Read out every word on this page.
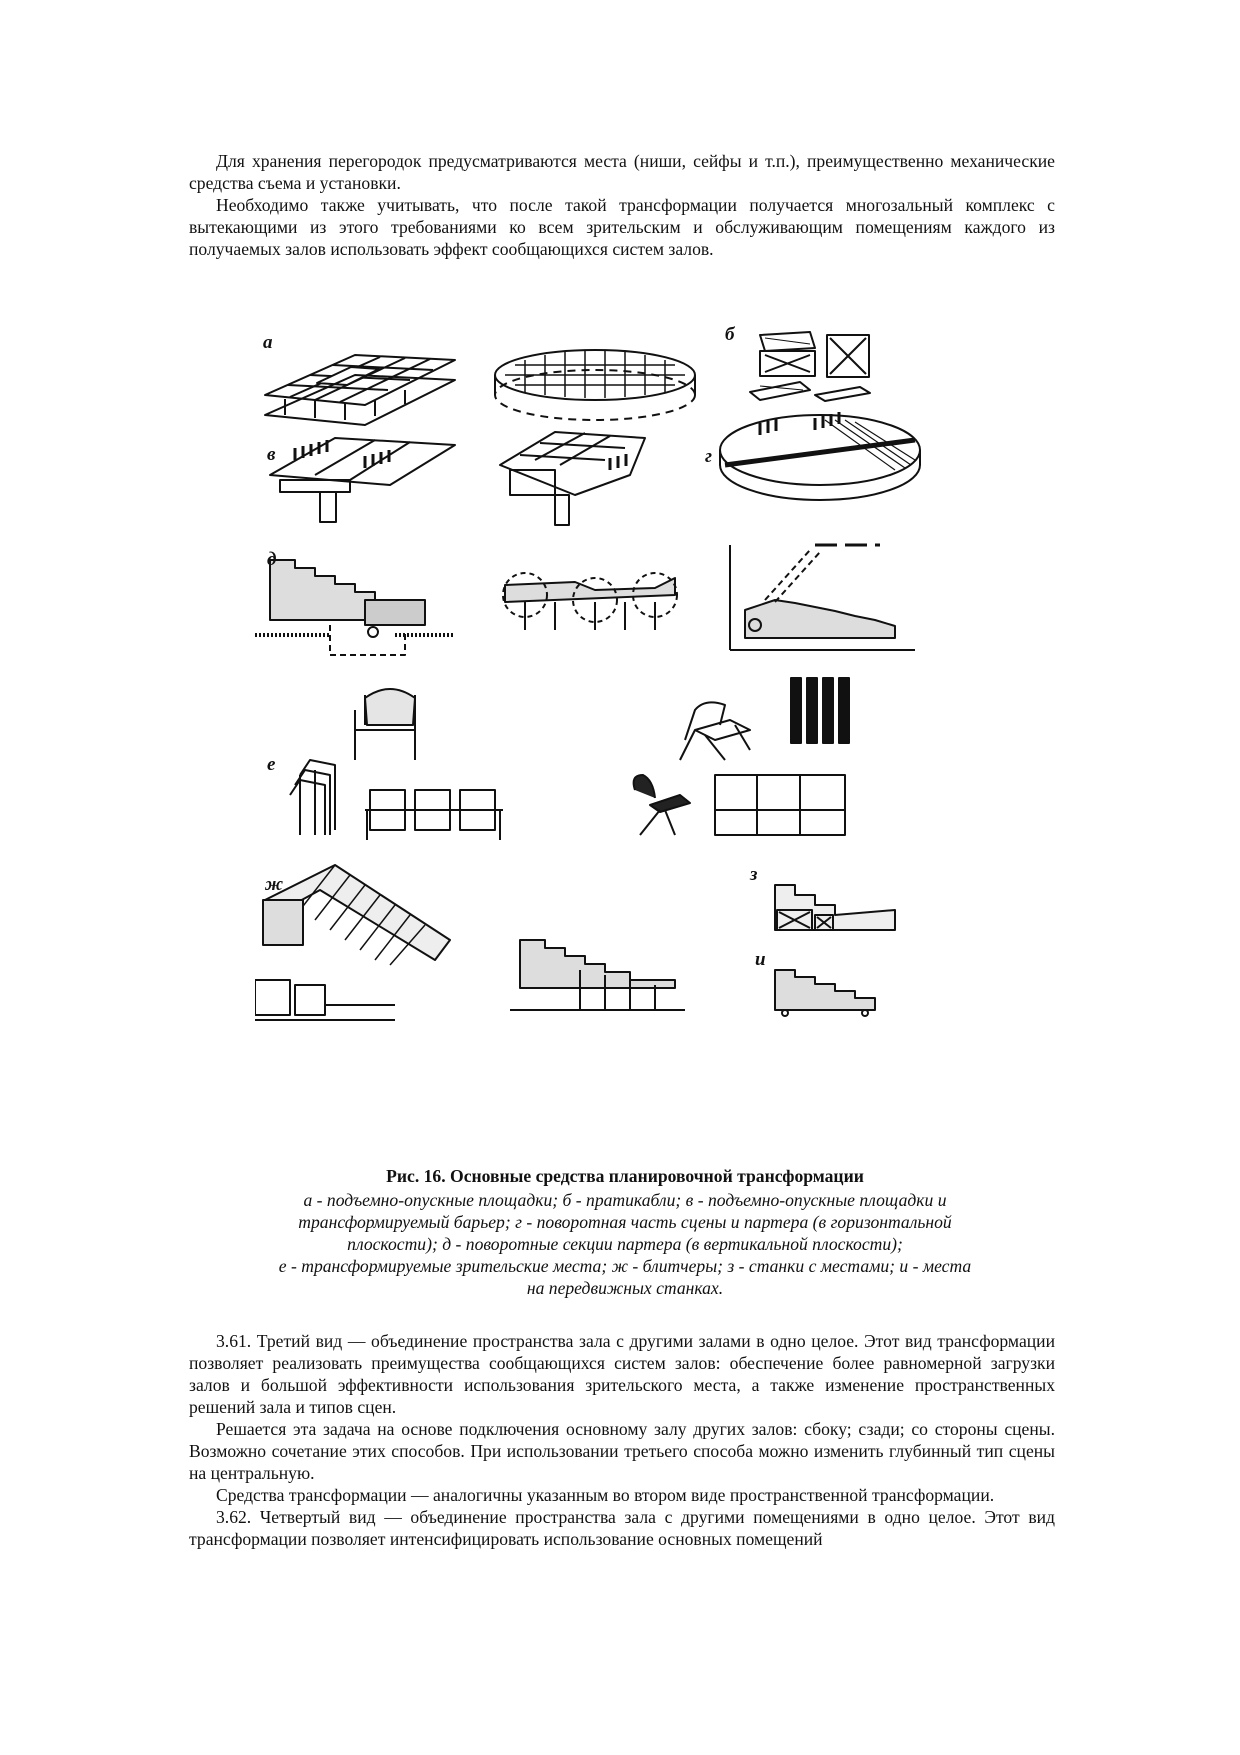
Для хранения перегородок предусматриваются места (ниши, сейфы и т.п.), преимущественно механические средства съема и установки.

Необходимо также учитывать, что после такой трансформации получается многозальный комплекс с вытекающими из этого требованиями ко всем зрительским и обслуживающим помещениям каждого из получаемых залов использовать эффект сообщающихся систем залов.

а	б
в	г
д
е
ж	з
и
Рис. 16. Основные средства планировочной трансформации
а - подъемно-опускные площадки; б - пратикабли; в - подъемно-опускные площадки и
трансформируемый барьер; г - поворотная часть сцены и партера (в горизонтальной
плоскости); д - поворотные секции партера (в вертикальной плоскости);
е - трансформируемые зрительские места; ж - блитчеры; з - станки с местами; и - места
на передвижных станках.

3.61. Третий вид — объединение пространства зала с другими залами в одно целое. Этот вид трансформации позволяет реализовать преимущества сообщающихся систем залов: обеспечение более равномерной загрузки залов и большой эффективности использования зрительского места, а также изменение пространственных решений зала и типов сцен.

Решается эта задача на основе подключения основному залу других залов: сбоку; сзади; со стороны сцены. Возможно сочетание этих способов. При использовании третьего способа можно изменить глубинный тип сцены на центральную.

Средства трансформации — аналогичны указанным во втором виде пространственной трансформации.

3.62. Четвертый вид — объединение пространства зала с другими помещениями в одно целое. Этот вид трансформации позволяет интенсифицировать использование основных помещений
